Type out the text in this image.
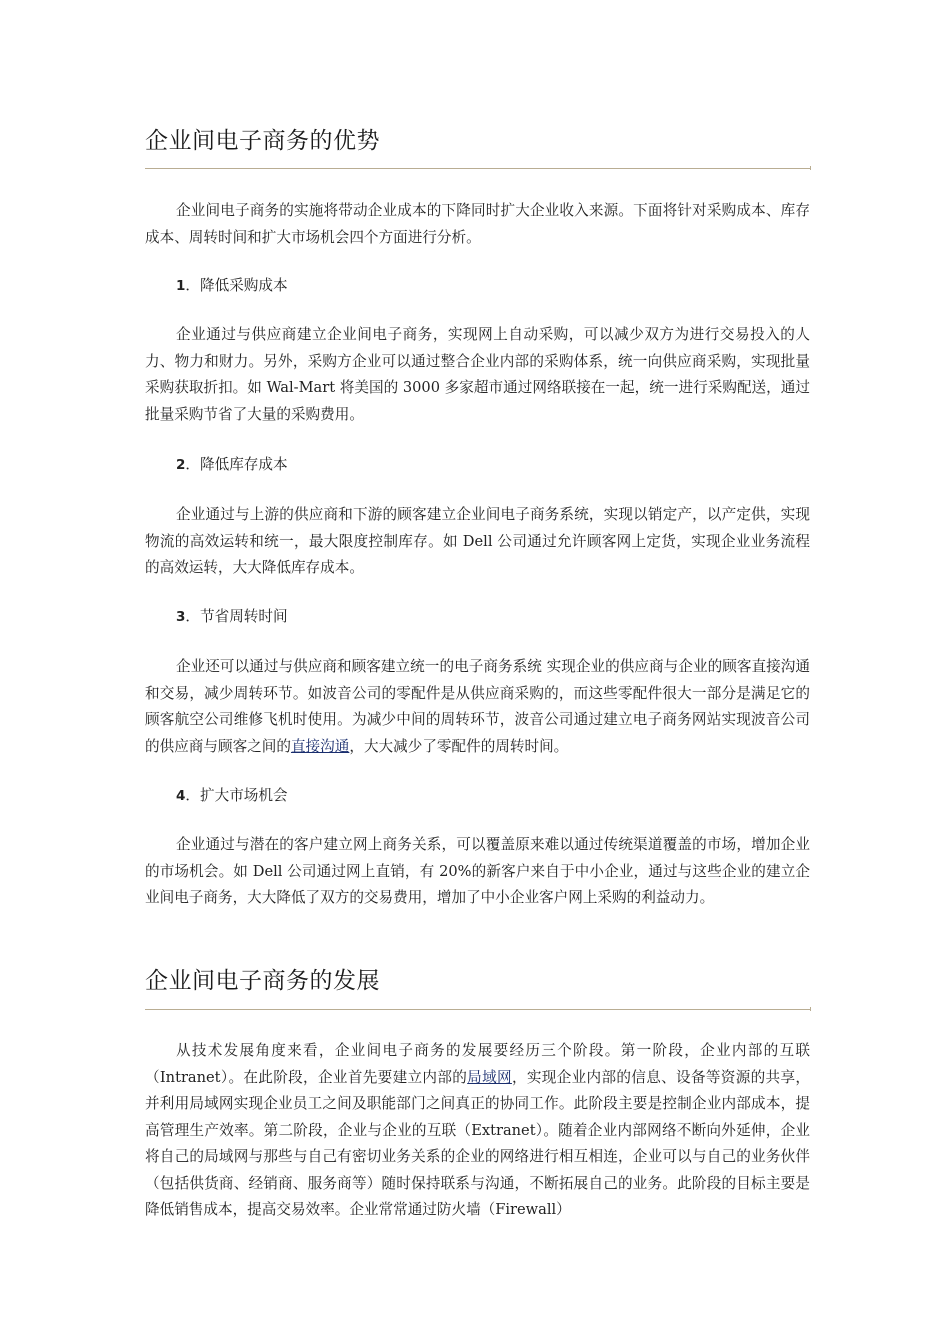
企业间电子商务的优势

企业间电子商务的实施将带动企业成本的下降同时扩大企业收入来源。下面将针对采购成本、库存成本、周转时间和扩大市场机会四个方面进行分析。

1．降低采购成本

企业通过与供应商建立企业间电子商务，实现网上自动采购，可以减少双方为进行交易投入的人力、物力和财力。另外，采购方企业可以通过整合企业内部的采购体系，统一向供应商采购，实现批量采购获取折扣。如 Wal-Mart 将美国的 3000 多家超市通过网络联接在一起，统一进行采购配送，通过批量采购节省了大量的采购费用。

2．降低库存成本

企业通过与上游的供应商和下游的顾客建立企业间电子商务系统，实现以销定产，以产定供，实现物流的高效运转和统一，最大限度控制库存。如 Dell 公司通过允许顾客网上定货，实现企业业务流程的高效运转，大大降低库存成本。

3．节省周转时间

企业还可以通过与供应商和顾客建立统一的电子商务系统 实现企业的供应商与企业的顾客直接沟通和交易，减少周转环节。如波音公司的零配件是从供应商采购的，而这些零配件很大一部分是满足它的顾客航空公司维修飞机时使用。为减少中间的周转环节，波音公司通过建立电子商务网站实现波音公司的供应商与顾客之间的直接沟通，大大减少了零配件的周转时间。

4．扩大市场机会

企业通过与潜在的客户建立网上商务关系，可以覆盖原来难以通过传统渠道覆盖的市场，增加企业的市场机会。如 Dell 公司通过网上直销，有 20%的新客户来自于中小企业，通过与这些企业的建立企业间电子商务，大大降低了双方的交易费用，增加了中小企业客户网上采购的利益动力。

企业间电子商务的发展

从技术发展角度来看，企业间电子商务的发展要经历三个阶段。第一阶段，企业内部的互联（Intranet）。在此阶段，企业首先要建立内部的局域网，实现企业内部的信息、设备等资源的共享，并利用局域网实现企业员工之间及职能部门之间真正的协同工作。此阶段主要是控制企业内部成本，提高管理生产效率。第二阶段，企业与企业的互联（Extranet）。随着企业内部网络不断向外延伸，企业将自己的局域网与那些与自己有密切业务关系的企业的网络进行相互相连，企业可以与自己的业务伙伴（包括供货商、经销商、服务商等）随时保持联系与沟通，不断拓展自己的业务。此阶段的目标主要是降低销售成本，提高交易效率。企业常常通过防火墙（Firewall）
